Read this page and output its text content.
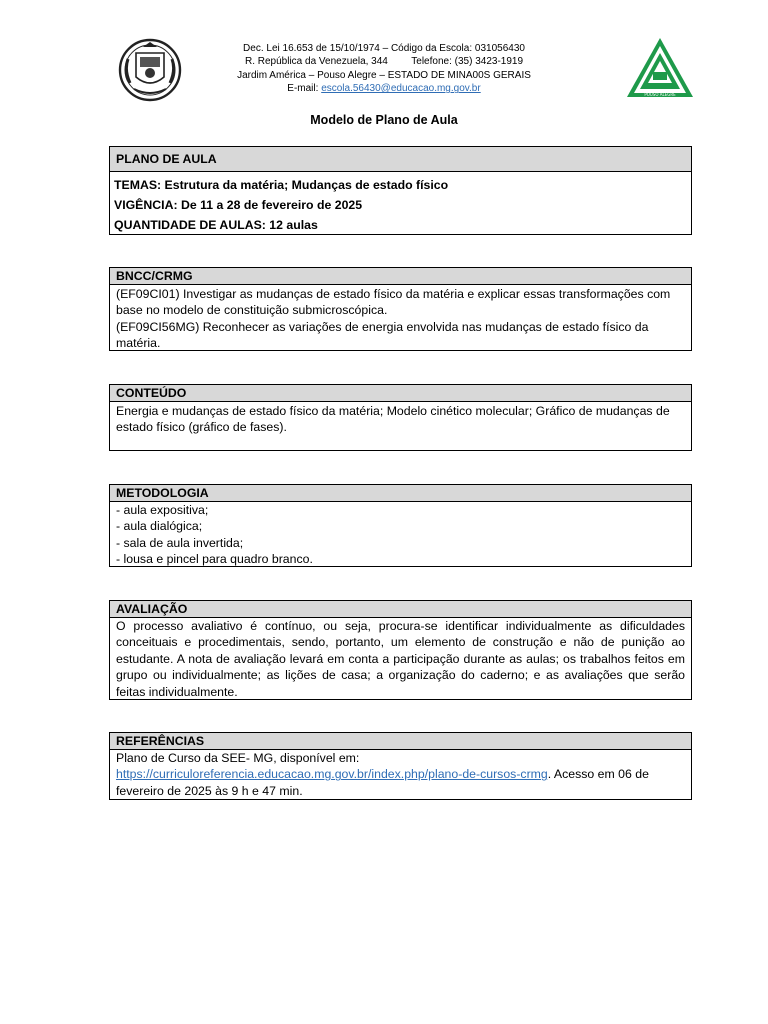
POUSO ALEGRE
Dec. Lei 16.653 de 15/10/1974 – Código da Escola: 031056430
R. República da Venezuela, 344 Telefone: (35) 3423-1919
Jardim América – Pouso Alegre – ESTADO DE MINA00S GERAIS
E-mail: escola.56430@educacao.mg.gov.br
Modelo de Plano de Aula
PLANO DE AULA
TEMAS: Estrutura da matéria; Mudanças de estado físico
VIGÊNCIA: De 11 a 28 de fevereiro de 2025
QUANTIDADE DE AULAS: 12 aulas
BNCC/CRMG
(EF09CI01) Investigar as mudanças de estado físico da matéria e explicar essas transformações com base no modelo de constituição submicroscópica.
(EF09CI56MG) Reconhecer as variações de energia envolvida nas mudanças de estado físico da matéria.
CONTEÚDO
Energia e mudanças de estado físico da matéria; Modelo cinético molecular; Gráfico de mudanças de estado físico (gráfico de fases).
METODOLOGIA
- aula expositiva;
- aula dialógica;
- sala de aula invertida;
- lousa e pincel para quadro branco.
AVALIAÇÃO
O processo avaliativo é contínuo, ou seja, procura-se identificar individualmente as dificuldades conceituais e procedimentais, sendo, portanto, um elemento de construção e não de punição ao estudante. A nota de avaliação levará em conta a participação durante as aulas; os trabalhos feitos em grupo ou individualmente; as lições de casa; a organização do caderno; e as avaliações que serão feitas individualmente.
REFERÊNCIAS
Plano de Curso da SEE- MG, disponível em:
https://curriculoreferencia.educacao.mg.gov.br/index.php/plano-de-cursos-crmg. Acesso em 06 de fevereiro de 2025 às 9 h e 47 min.
